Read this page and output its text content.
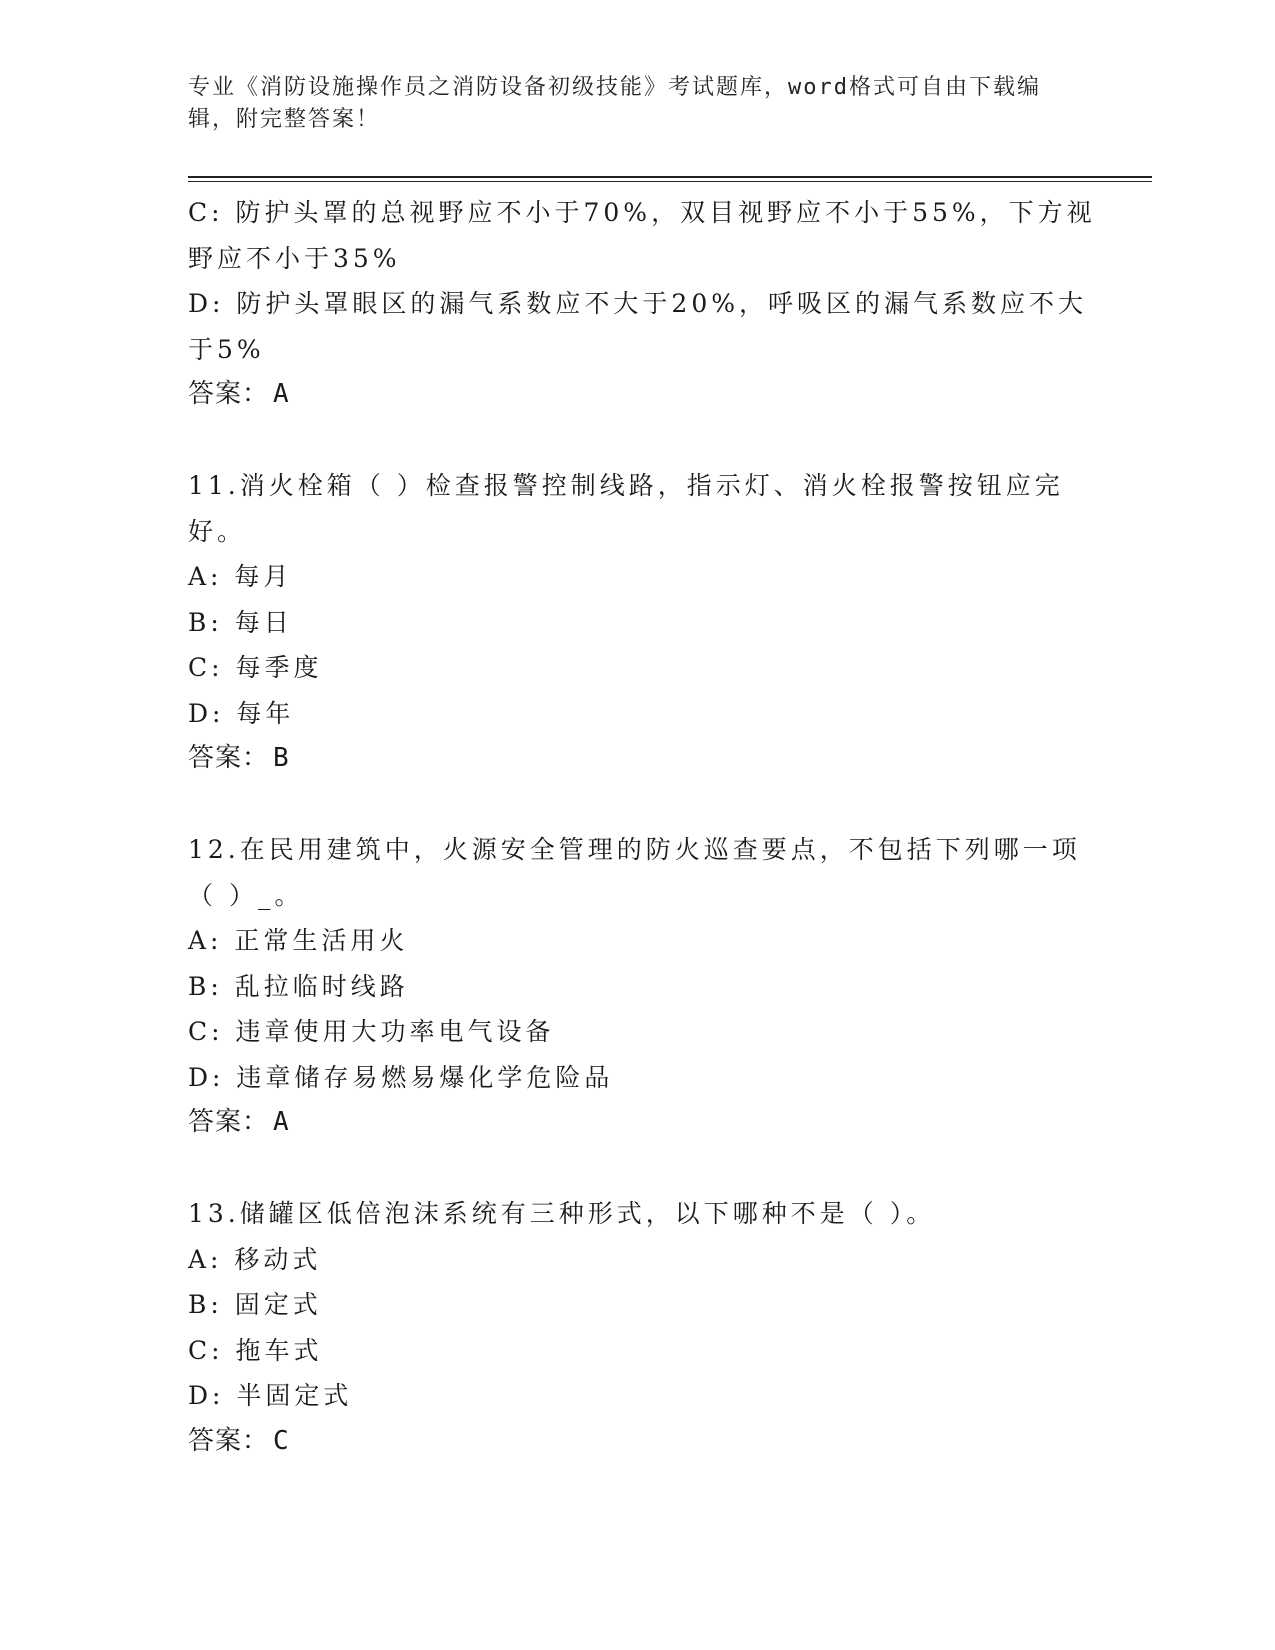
专业《消防设施操作员之消防设备初级技能》考试题库，word格式可自由下载编
辑，附完整答案！
C: 防护头罩的总视野应不小于70%，双目视野应不小于55%，下方视
野应不小于35%
D: 防护头罩眼区的漏气系数应不大于20%，呼吸区的漏气系数应不大
于5%
答案： A
11.消火栓箱（ ）检查报警控制线路，指示灯、消火栓报警按钮应完
好。
A: 每月
B: 每日
C: 每季度
D: 每年
答案： B
12.在民用建筑中，火源安全管理的防火巡查要点，不包括下列哪一项
（ ）_。
A: 正常生活用火
B: 乱拉临时线路
C: 违章使用大功率电气设备
D: 违章储存易燃易爆化学危险品
答案： A
13.储罐区低倍泡沫系统有三种形式，以下哪种不是（ ）。
A: 移动式
B: 固定式
C: 拖车式
D: 半固定式
答案： C
